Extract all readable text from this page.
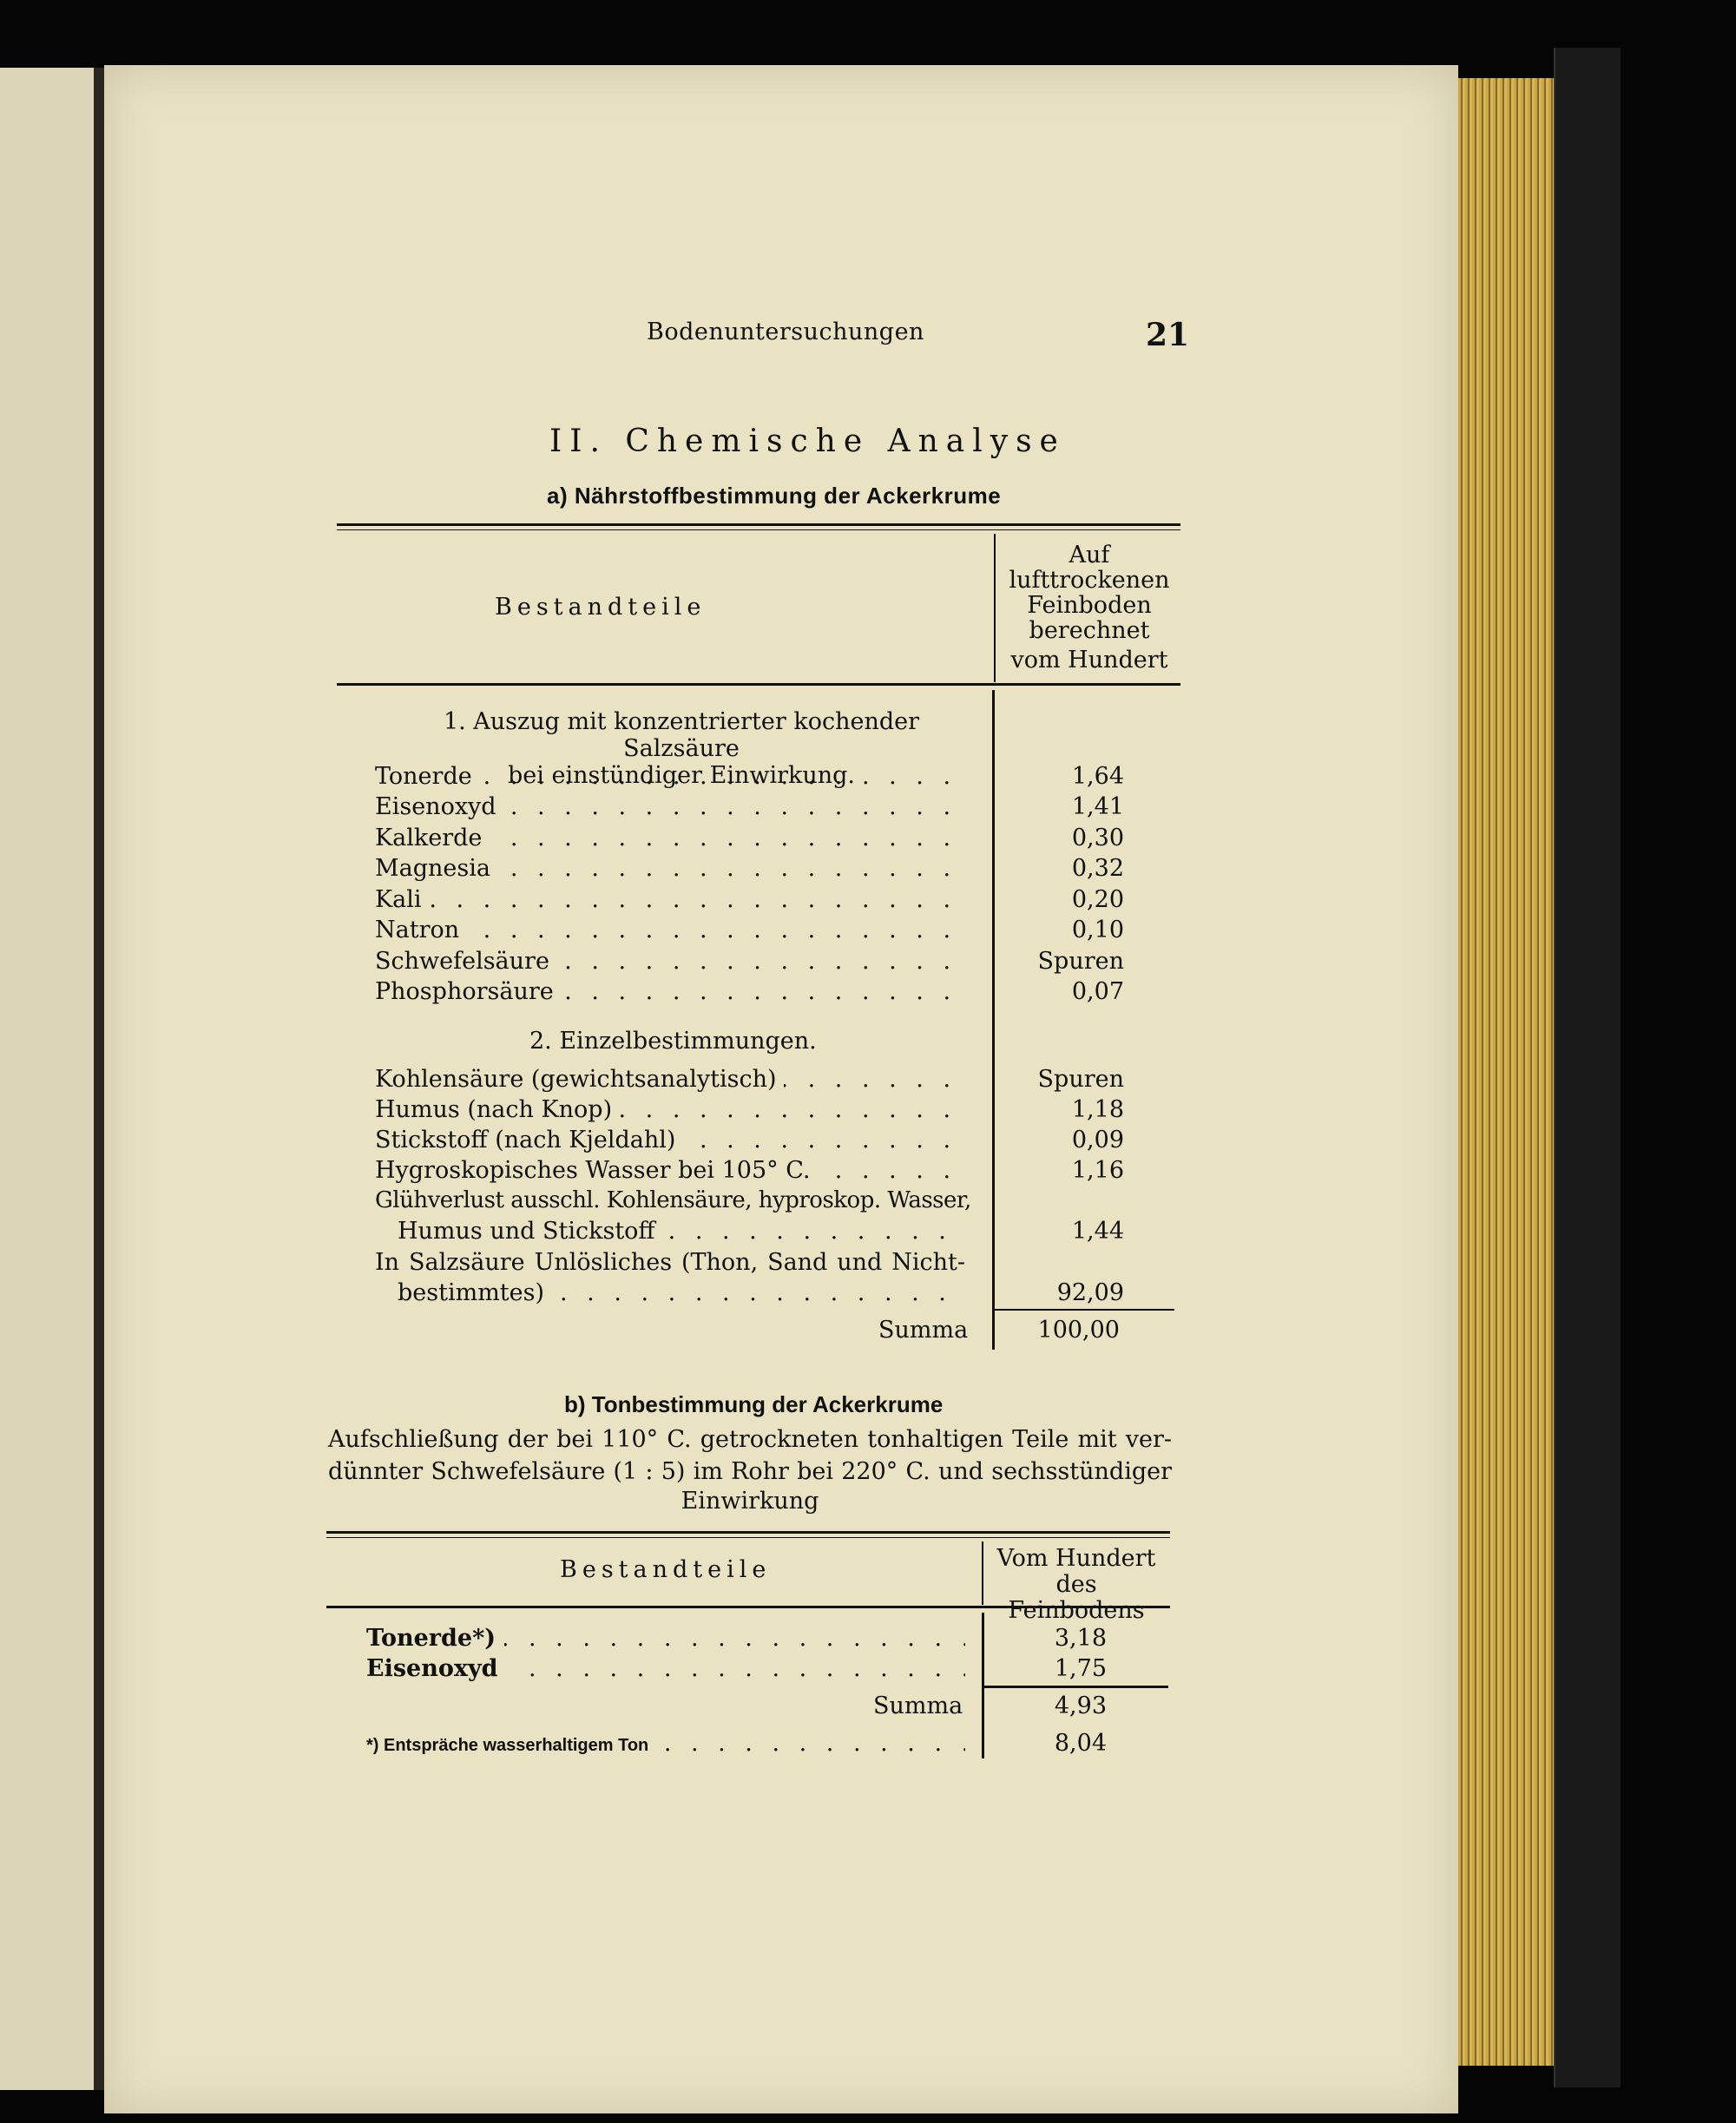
Bodenuntersuchungen	21
II. Chemische Analyse
a) Nährstoffbestimmung der Ackerkrume
Bestandteile
Auf
lufttrockenen
Feinboden
berechnet
vom Hundert
1. Auszug mit konzentrierter kochender Salzsäure
bei einstündiger Einwirkung.
Tonerde . . .	1,64
Eisenoxyd . . .	1,41
Kalkerde . . .	0,30
Magnesia . . .	0,32
Kali . . .	0,20
Natron . . .	0,10
Schwefelsäure . . .	Spuren
Phosphorsäure . . .	0,07
2. Einzelbestimmungen.
Kohlensäure (gewichtsanalytisch) . . .	Spuren
Humus (nach Knop) . . .	1,18
Stickstoff (nach Kjeldahl) . . .	0,09
Hygroskopisches Wasser bei 105° C. . . .	1,16
Glühverlust ausschl. Kohlensäure, hyproskop. Wasser,
Humus und Stickstoff . . .	1,44
In Salzsäure Unlösliches (Thon, Sand und Nicht-
bestimmtes) . . .	92,09
Summa	100,00
b) Tonbestimmung der Ackerkrume
Aufschließung der bei 110° C. getrockneten tonhaltigen Teile mit ver-
dünnter Schwefelsäure (1 : 5) im Rohr bei 220° C. und sechsstündiger
Einwirkung
Bestandteile	Vom Hundert
des Feinbodens
Tonerde*) . . .	3,18
Eisenoxyd . . .	1,75
Summa	4,93
*) Entspräche wasserhaltigem Ton . . .	8,04
